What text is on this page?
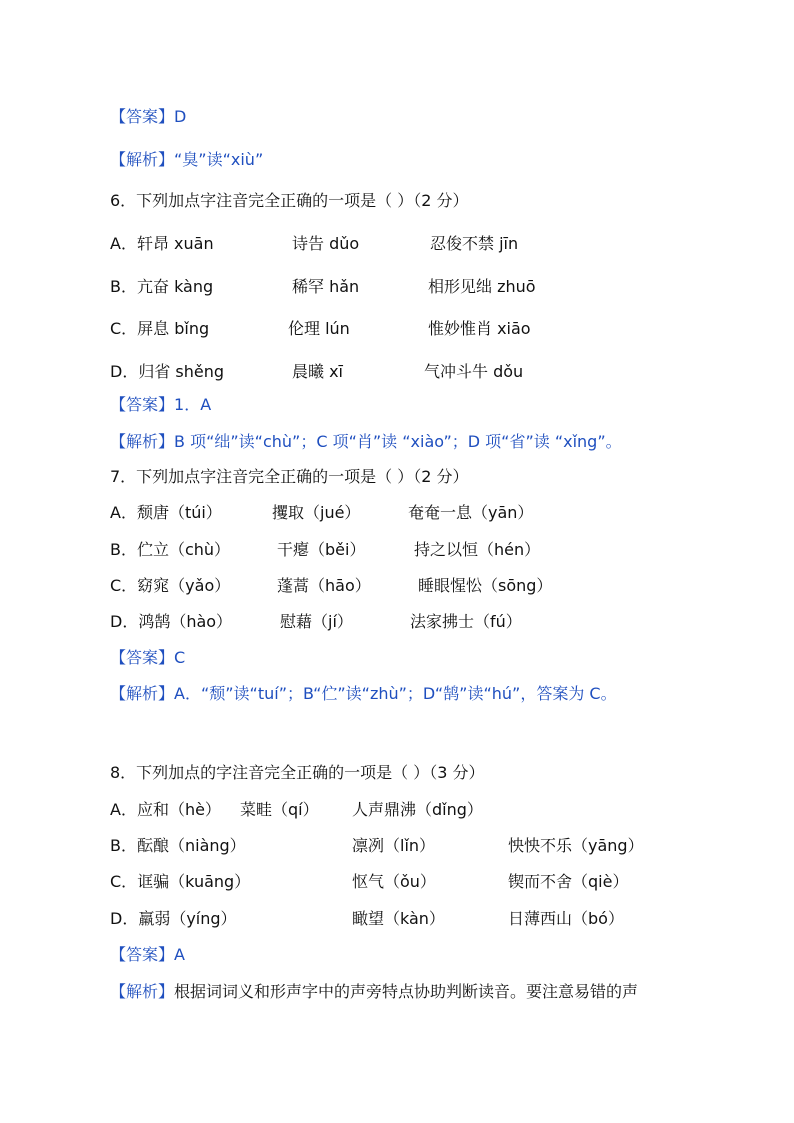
【答案】D
【解析】“臭”读“xiù”
6．下列加点字注音完全正确的一项是（ ）（2 分）
A．轩昂 xuān	诗告 dǔo	忍俊不禁 jīn
B．亢奋 kàng	稀罕 hǎn	相形见绌 zhuō
C．屏息 bǐng	伦理 lún	惟妙惟肖 xiāo
D．归省 shěng	晨曦 xī	气冲斗牛 dǒu
【答案】1．A
【解析】B 项“绌”读“chù”；C 项“肖”读 “xiào”；D 项“省”读 “xǐng”。
7．下列加点字注音完全正确的一项是（ ）（2 分）
A．颓唐（túi）	攫取（jué）	奄奄一息（yān）
B．伫立（chù）	干瘪（běi）	持之以恒（hén）
C．窈窕（yǎo）	蓬蒿（hāo）	睡眼惺忪（sōng）
D．鸿鹄（hào）	慰藉（jí）	法家拂士（fú）
【答案】C
【解析】A．“颓”读“tuí”；B“伫”读“zhù”；D“鹄”读“hú”，答案为 C。
8．下列加点的字注音完全正确的一项是（ ）（3 分）
A．应和（hè） 菜畦（qí） 人声鼎沸（dǐng）
B．酝酿（niàng）	凛冽（lǐn）	怏怏不乐（yāng）
C．诓骗（kuāng）	怄气（ǒu）	锲而不舍（qiè）
D．羸弱（yíng）	瞰望（kàn）	日薄西山（bó）
【答案】A
【解析】根据词词义和形声字中的声旁特点协助判断读音。要注意易错的声
